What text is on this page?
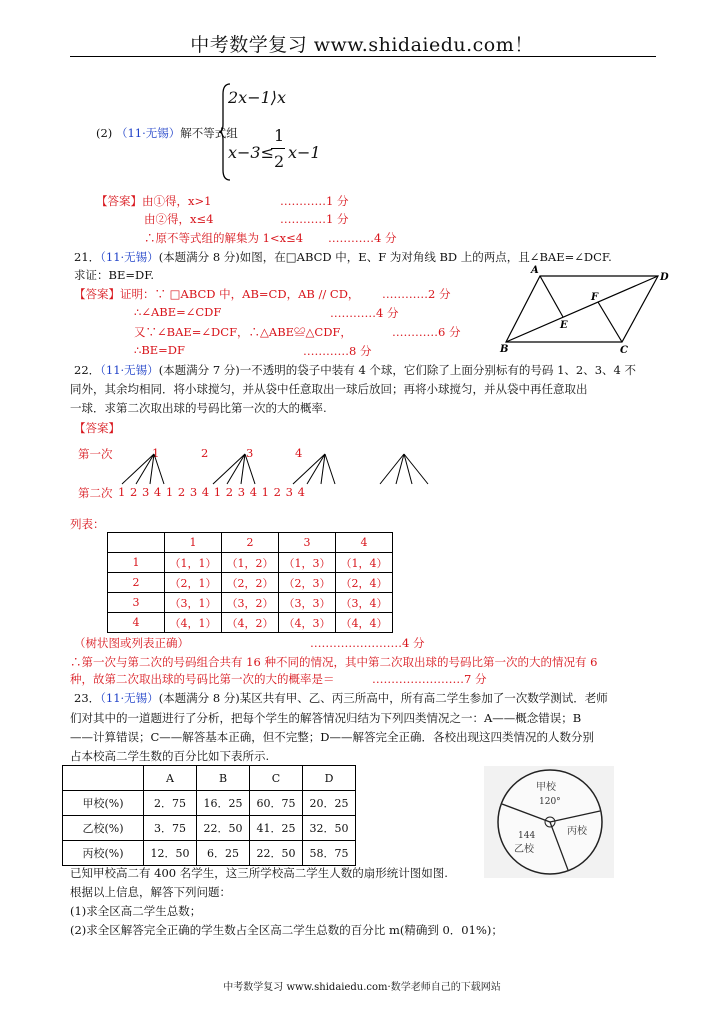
中考数学复习 www.shidaiedu.com！
(2) （11·无锡）解不等式组
2x−1⟩x
x−3≤
1
2 x−1
【答案】由①得，x>1	…………1 分
由②得，x≤4	…………1 分
∴原不等式组的解集为 1<x≤4 …………4 分
21．（11·无锡）(本题满分 8 分)如图，在□ABCD 中，E、F 为对角线 BD 上的两点，且∠BAE=∠DCF.
求证：BE=DF.
【答案】证明：∵ □ABCD 中，AB=CD，AB // CD， …………2 分
∴∠ABE=∠CDF	…………4 分
又∵∠BAE=∠DCF，∴△ABE≌△CDF，	…………6 分
∴BE=DF	…………8 分
A
D
F
E
B	C
22．（11·无锡）(本题满分 7 分)一不透明的袋子中装有 4 个球，它们除了上面分别标有的号码 1、2、3、4 不
同外，其余均相同．将小球搅匀，并从袋中任意取出一球后放回；再将小球搅匀，并从袋中再任意取出
一球．求第二次取出球的号码比第一次的大的概率.
【答案】
第一次	1	2	3	4
第二次 1 2 3 4 1 2 3 4 1 2 3 4 1 2 3 4
列表：
	1	2	3	4
1	（1，1）	（1，2）	（1，3）	（1，4）
2	（2，1）	（2，2）	（2，3）	（2，4）
3	（3，1）	（3，2）	（3，3）	（3，4）
4	（4，1）	（4，2）	（4，3）	（4，4）
（树状图或列表正确）	……………………4 分
∴第一次与第二次的号码组合共有 16 种不同的情况，其中第二次取出球的号码比第一次的大的情况有 6
种，故第二次取出球的号码比第一次的大的概率是＝	……………………7 分
23．（11·无锡）(本题满分 8 分)某区共有甲、乙、丙三所高中，所有高二学生参加了一次数学测试．老师
们对其中的一道题进行了分析，把每个学生的解答情况归结为下列四类情况之一：A——概念错误；B
——计算错误；C——解答基本正确，但不完整；D——解答完全正确．各校出现这四类情况的人数分别
占本校高二学生数的百分比如下表所示.
	A	B	C	D
甲校(%)	2．75	16．25	60．75	20．25
乙校(%)	3．75	22．50	41．25	32．50
丙校(%)	12．50	6．25	22．50	58．75
甲校
120°
144
乙校
丙校
已知甲校高二有 400 名学生，这三所学校高二学生人数的扇形统计图如图.
根据以上信息，解答下列问题：
(1)求全区高二学生总数；
(2)求全区解答完全正确的学生数占全区高二学生总数的百分比 m(精确到 0．01%)；
中考数学复习 www.shidaiedu.com·数学老师自己的下载网站
